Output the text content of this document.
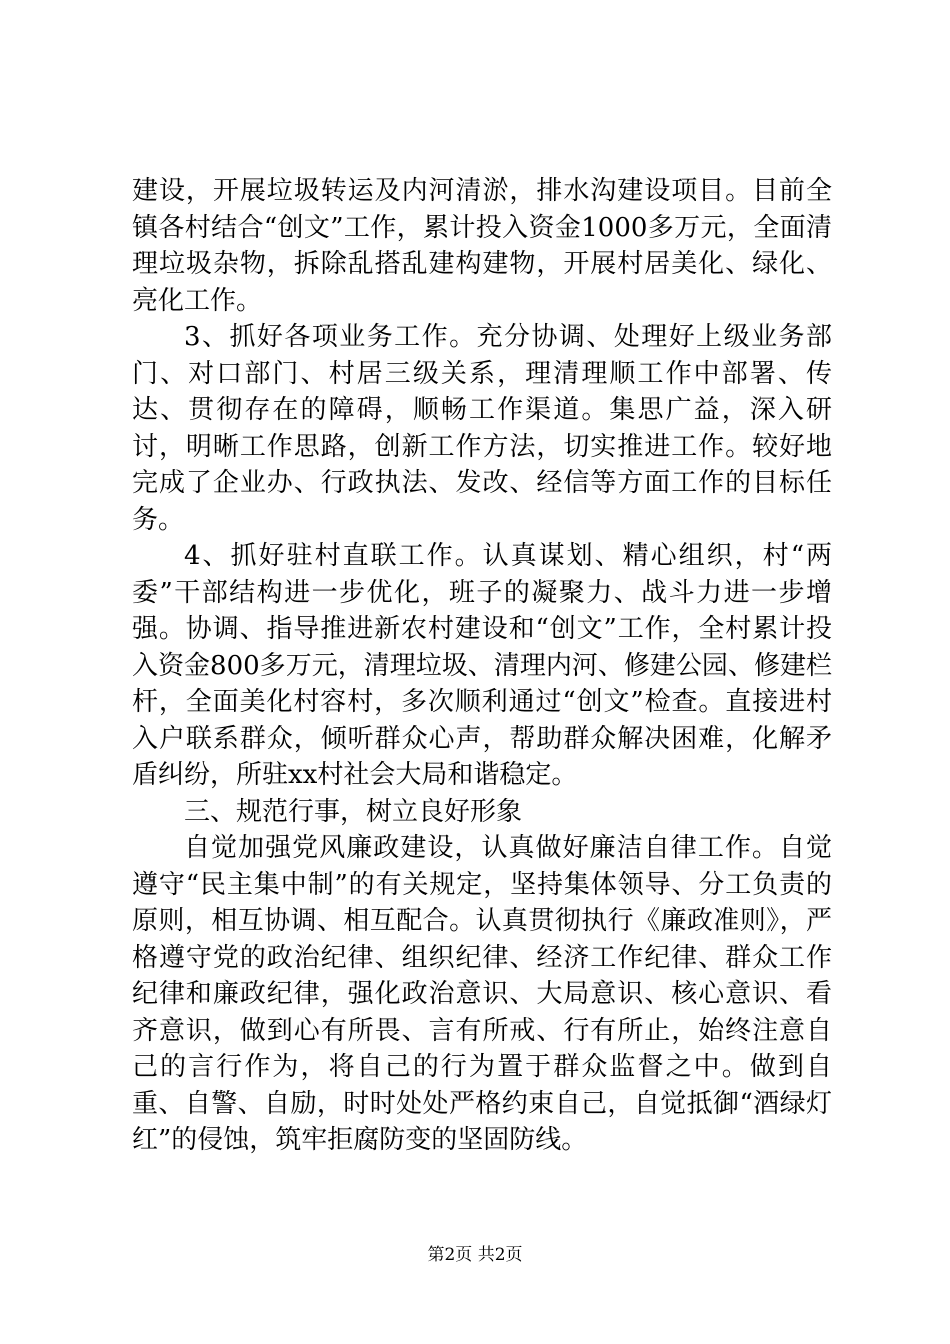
建设，开展垃圾转运及内河清淤，排水沟建设项目。目前全镇各村结合“创文”工作，累计投入资金1000多万元，全面清理垃圾杂物，拆除乱搭乱建构建物，开展村居美化、绿化、亮化工作。

3、抓好各项业务工作。充分协调、处理好上级业务部门、对口部门、村居三级关系，理清理顺工作中部署、传达、贯彻存在的障碍，顺畅工作渠道。集思广益，深入研讨，明晰工作思路，创新工作方法，切实推进工作。较好地完成了企业办、行政执法、发改、经信等方面工作的目标任务。

4、抓好驻村直联工作。认真谋划、精心组织，村“两委”干部结构进一步优化，班子的凝聚力、战斗力进一步增强。协调、指导推进新农村建设和“创文”工作，全村累计投入资金800多万元，清理垃圾、清理内河、修建公园、修建栏杆，全面美化村容村，多次顺利通过“创文”检查。直接进村入户联系群众，倾听群众心声，帮助群众解决困难，化解矛盾纠纷，所驻xx村社会大局和谐稳定。

三、规范行事，树立良好形象

自觉加强党风廉政建设，认真做好廉洁自律工作。自觉遵守“民主集中制”的有关规定，坚持集体领导、分工负责的原则，相互协调、相互配合。认真贯彻执行《廉政准则》，严格遵守党的政治纪律、组织纪律、经济工作纪律、群众工作纪律和廉政纪律，强化政治意识、大局意识、核心意识、看齐意识，做到心有所畏、言有所戒、行有所止，始终注意自己的言行作为，将自己的行为置于群众监督之中。做到自重、自警、自励，时时处处严格约束自己，自觉抵御“酒绿灯红”的侵蚀，筑牢拒腐防变的坚固防线。

第2页 共2页
